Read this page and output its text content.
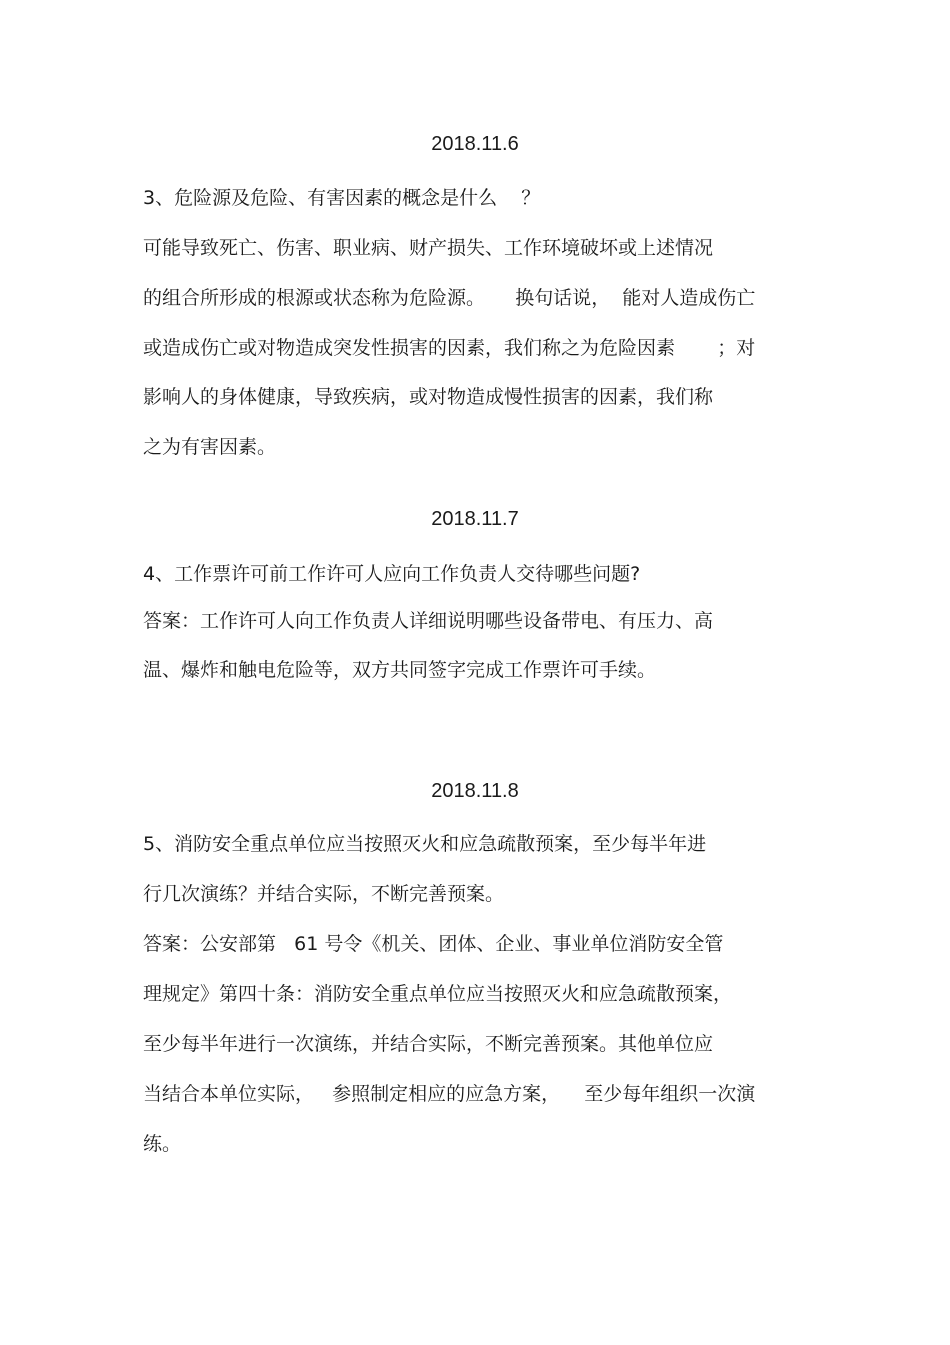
2018.11.6
3、危险源及危险、有害因素的概念是什么    ？
可能导致死亡、伤害、职业病、财产损失、工作环境破坏或上述情况
的组合所形成的根源或状态称为危险源。     换句话说，  能对人造成伤亡
或造成伤亡或对物造成突发性损害的因素，我们称之为危险因素       ；对
影响人的身体健康，导致疾病，或对物造成慢性损害的因素，我们称
之为有害因素。
2018.11.7
4、工作票许可前工作许可人应向工作负责人交待哪些问题?
答案：工作许可人向工作负责人详细说明哪些设备带电、有压力、高
温、爆炸和触电危险等，双方共同签字完成工作票许可手续。
2018.11.8
5、消防安全重点单位应当按照灭火和应急疏散预案，至少每半年进
行几次演练？并结合实际，不断完善预案。
答案：公安部第   61 号令《机关、团体、企业、事业单位消防安全管
理规定》第四十条：消防安全重点单位应当按照灭火和应急疏散预案，
至少每半年进行一次演练，并结合实际，不断完善预案。其他单位应
当结合本单位实际，   参照制定相应的应急方案，    至少每年组织一次演
练。
